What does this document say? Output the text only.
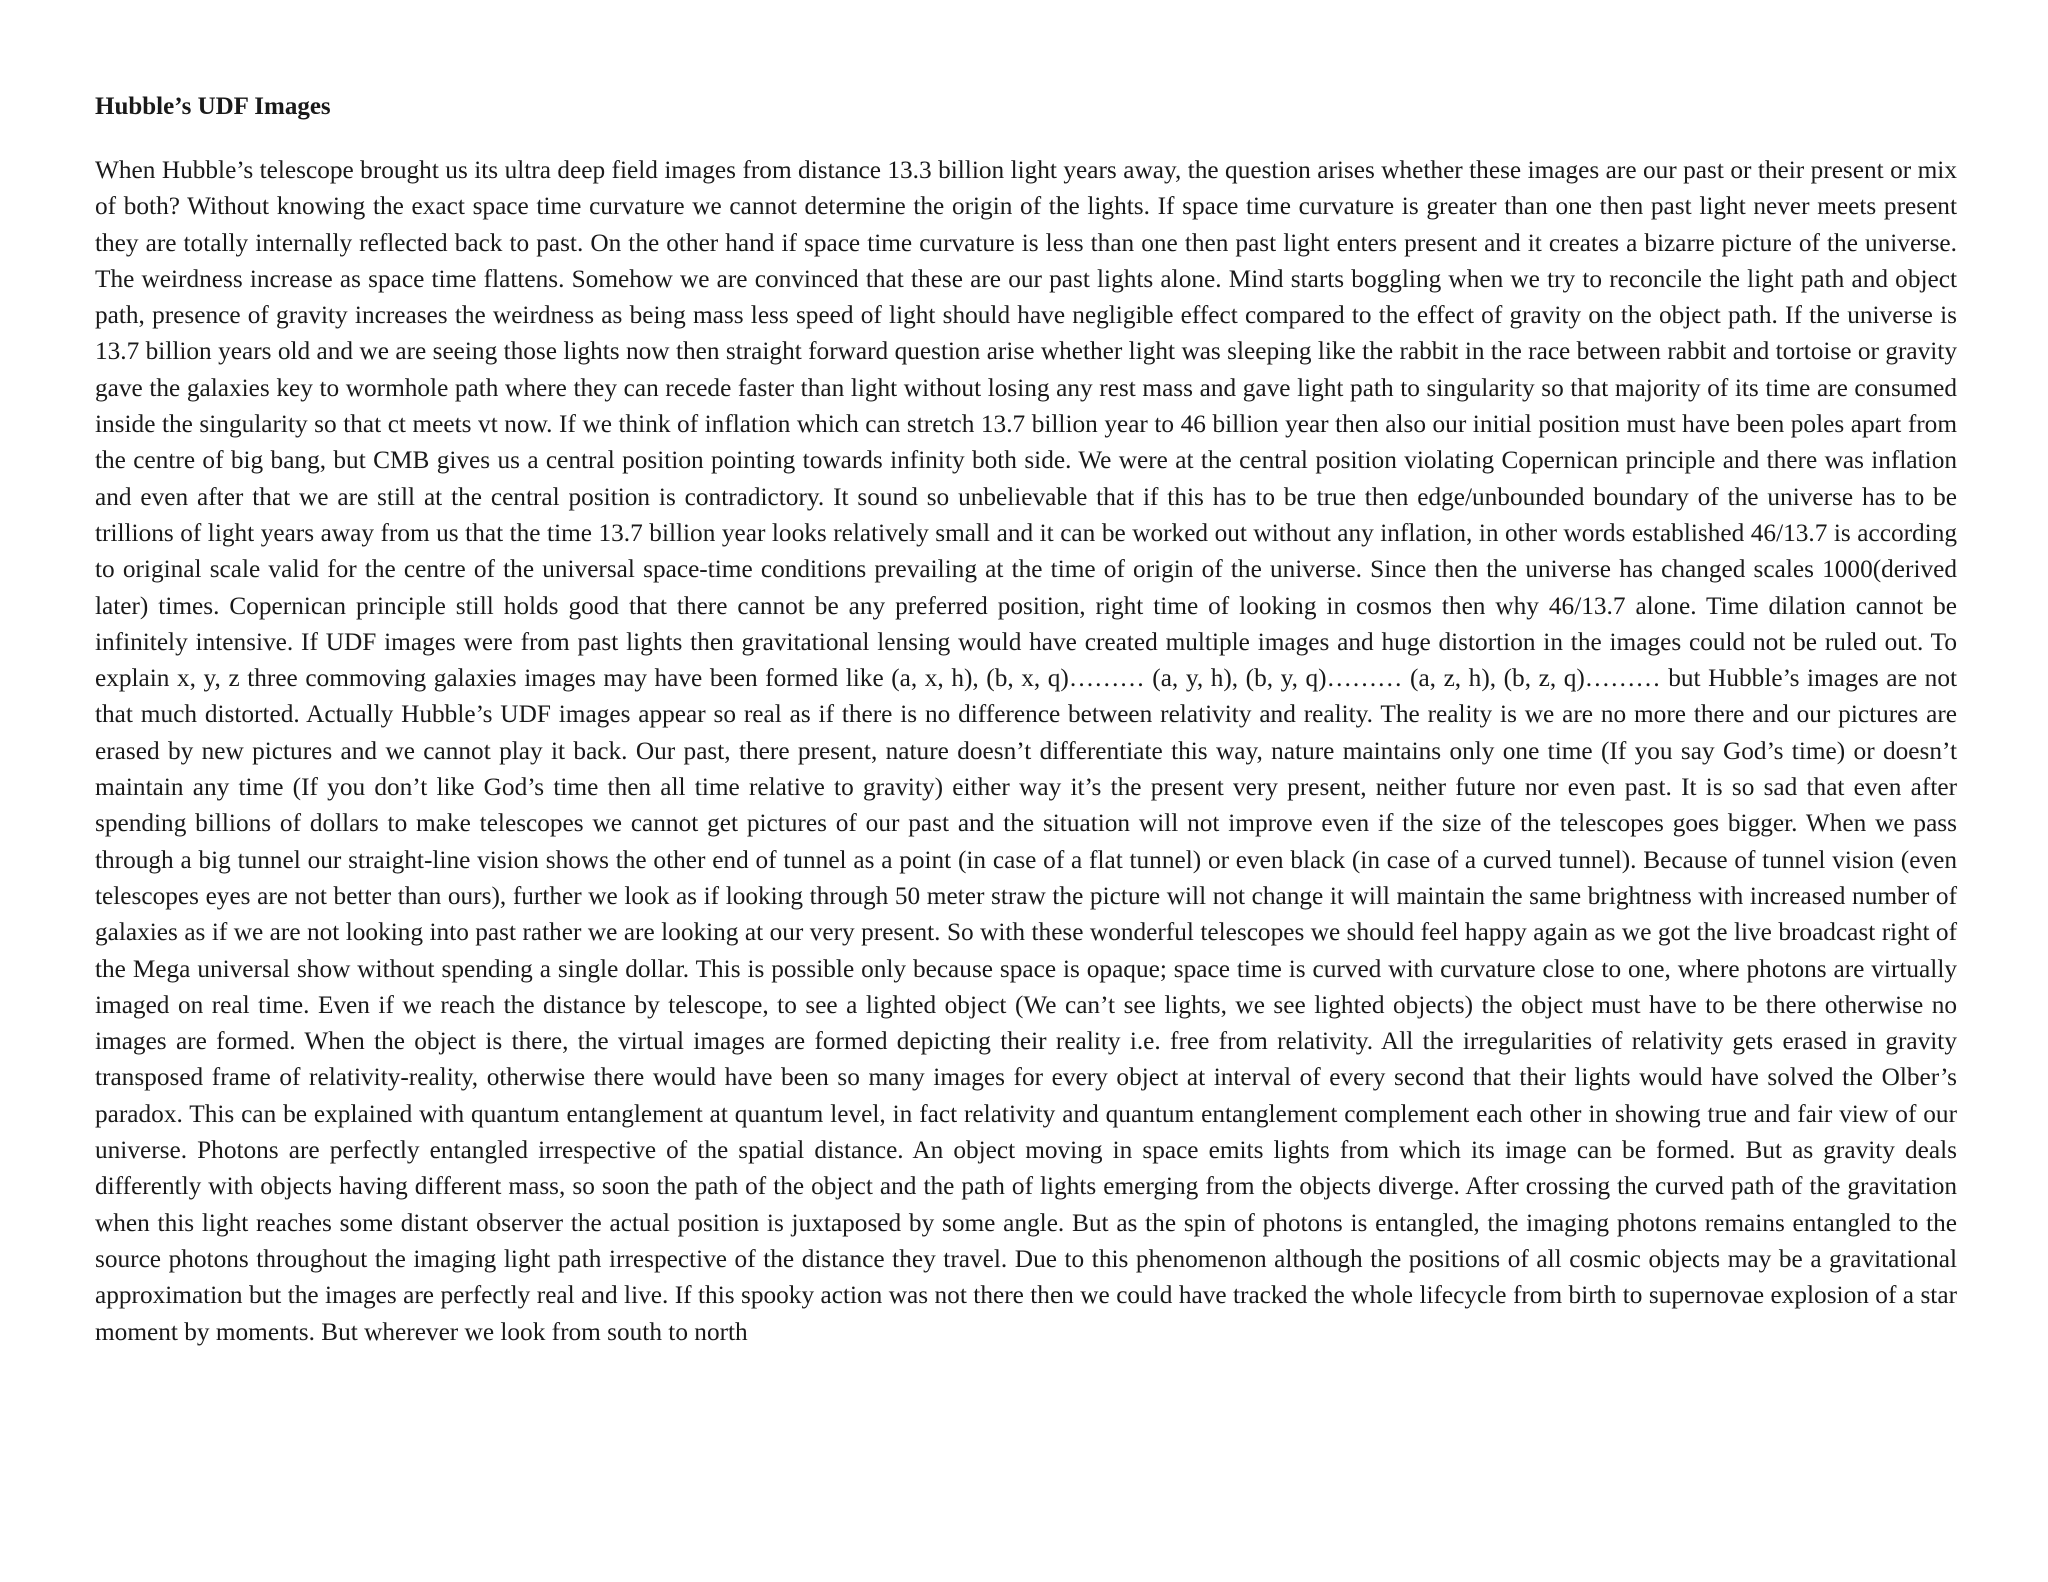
Hubble’s UDF Images

When Hubble’s telescope brought us its ultra deep field images from distance 13.3 billion light years away, the question arises whether these images are our past or their present or mix of both? Without knowing the exact space time curvature we cannot determine the origin of the lights. If space time curvature is greater than one then past light never meets present they are totally internally reflected back to past. On the other hand if space time curvature is less than one then past light enters present and it creates a bizarre picture of the universe. The weirdness increase as space time flattens. Somehow we are convinced that these are our past lights alone. Mind starts boggling when we try to reconcile the light path and object path, presence of gravity increases the weirdness as being mass less speed of light should have negligible effect compared to the effect of gravity on the object path. If the universe is 13.7 billion years old and we are seeing those lights now then straight forward question arise whether light was sleeping like the rabbit in the race between rabbit and tortoise or gravity gave the galaxies key to wormhole path where they can recede faster than light without losing any rest mass and gave light path to singularity so that majority of its time are consumed inside the singularity so that ct meets vt now. If we think of inflation which can stretch 13.7 billion year to 46 billion year then also our initial position must have been poles apart from the centre of big bang, but CMB gives us a central position pointing towards infinity both side. We were at the central position violating Copernican principle and there was inflation and even after that we are still at the central position is contradictory. It sound so unbelievable that if this has to be true then edge/unbounded boundary of the universe has to be trillions of light years away from us that the time 13.7 billion year looks relatively small and it can be worked out without any inflation, in other words established 46/13.7 is according to original scale valid for the centre of the universal space-time conditions prevailing at the time of origin of the universe. Since then the universe has changed scales 1000(derived later) times. Copernican principle still holds good that there cannot be any preferred position, right time of looking in cosmos then why 46/13.7 alone. Time dilation cannot be infinitely intensive. If UDF images were from past lights then gravitational lensing would have created multiple images and huge distortion in the images could not be ruled out. To explain x, y, z three commoving galaxies images may have been formed like (a, x, h), (b, x, q)……… (a, y, h), (b, y, q)……… (a, z, h), (b, z, q)……… but Hubble’s images are not that much distorted. Actually Hubble’s UDF images appear so real as if there is no difference between relativity and reality. The reality is we are no more there and our pictures are erased by new pictures and we cannot play it back. Our past, there present, nature doesn’t differentiate this way, nature maintains only one time (If you say God’s time) or doesn’t maintain any time (If you don’t like God’s time then all time relative to gravity) either way it’s the present very present, neither future nor even past. It is so sad that even after spending billions of dollars to make telescopes we cannot get pictures of our past and the situation will not improve even if the size of the telescopes goes bigger. When we pass through a big tunnel our straight-line vision shows the other end of tunnel as a point (in case of a flat tunnel) or even black (in case of a curved tunnel). Because of tunnel vision (even telescopes eyes are not better than ours), further we look as if looking through 50 meter straw the picture will not change it will maintain the same brightness with increased number of galaxies as if we are not looking into past rather we are looking at our very present. So with these wonderful telescopes we should feel happy again as we got the live broadcast right of the Mega universal show without spending a single dollar. This is possible only because space is opaque; space time is curved with curvature close to one, where photons are virtually imaged on real time. Even if we reach the distance by telescope, to see a lighted object (We can’t see lights, we see lighted objects) the object must have to be there otherwise no images are formed. When the object is there, the virtual images are formed depicting their reality i.e. free from relativity. All the irregularities of relativity gets erased in gravity transposed frame of relativity-reality, otherwise there would have been so many images for every object at interval of every second that their lights would have solved the Olber’s paradox. This can be explained with quantum entanglement at quantum level, in fact relativity and quantum entanglement complement each other in showing true and fair view of our universe. Photons are perfectly entangled irrespective of the spatial distance. An object moving in space emits lights from which its image can be formed. But as gravity deals differently with objects having different mass, so soon the path of the object and the path of lights emerging from the objects diverge. After crossing the curved path of the gravitation when this light reaches some distant observer the actual position is juxtaposed by some angle. But as the spin of photons is entangled, the imaging photons remains entangled to the source photons throughout the imaging light path irrespective of the distance they travel. Due to this phenomenon although the positions of all cosmic objects may be a gravitational approximation but the images are perfectly real and live. If this spooky action was not there then we could have tracked the whole lifecycle from birth to supernovae explosion of a star moment by moments. But wherever we look from south to north
